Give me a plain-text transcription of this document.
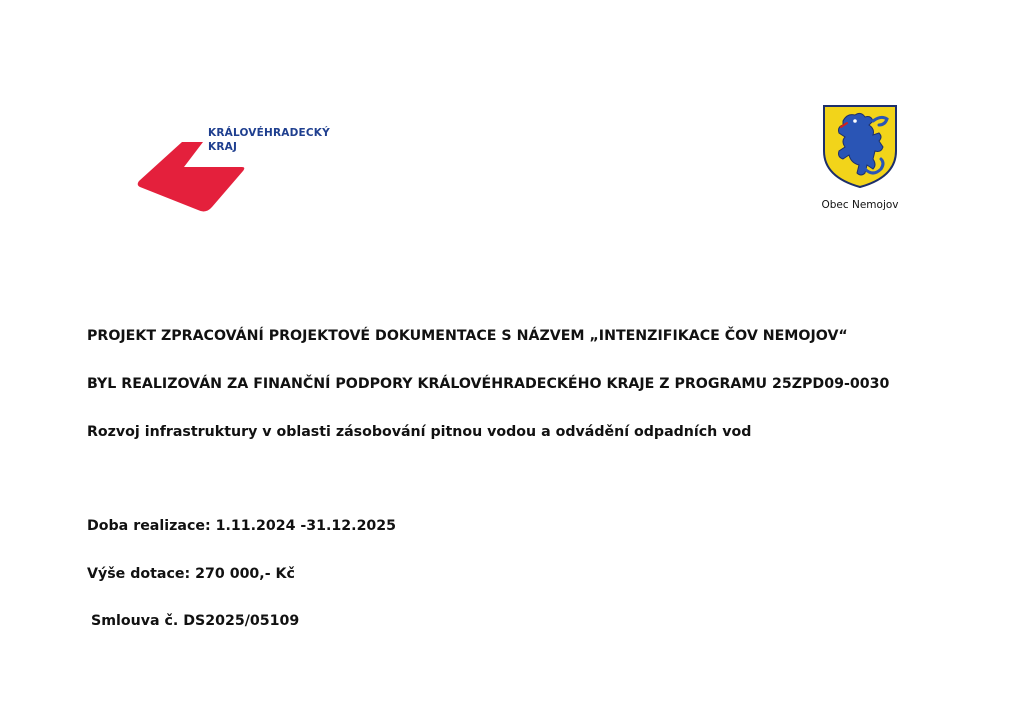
KRÁLOVÉHRADECKÝ
KRAJ
Obec Nemojov
PROJEKT ZPRACOVÁNÍ PROJEKTOVÉ DOKUMENTACE S NÁZVEM „INTENZIFIKACE ČOV NEMOJOV“
BYL REALIZOVÁN ZA FINANČNÍ PODPORY KRÁLOVÉHRADECKÉHO KRAJE Z PROGRAMU 25ZPD09-0030
Rozvoj infrastruktury v oblasti zásobování pitnou vodou a odvádění odpadních vod
Doba realizace: 1.11.2024 -31.12.2025
Výše dotace: 270 000,- Kč
Smlouva č. DS2025/05109
